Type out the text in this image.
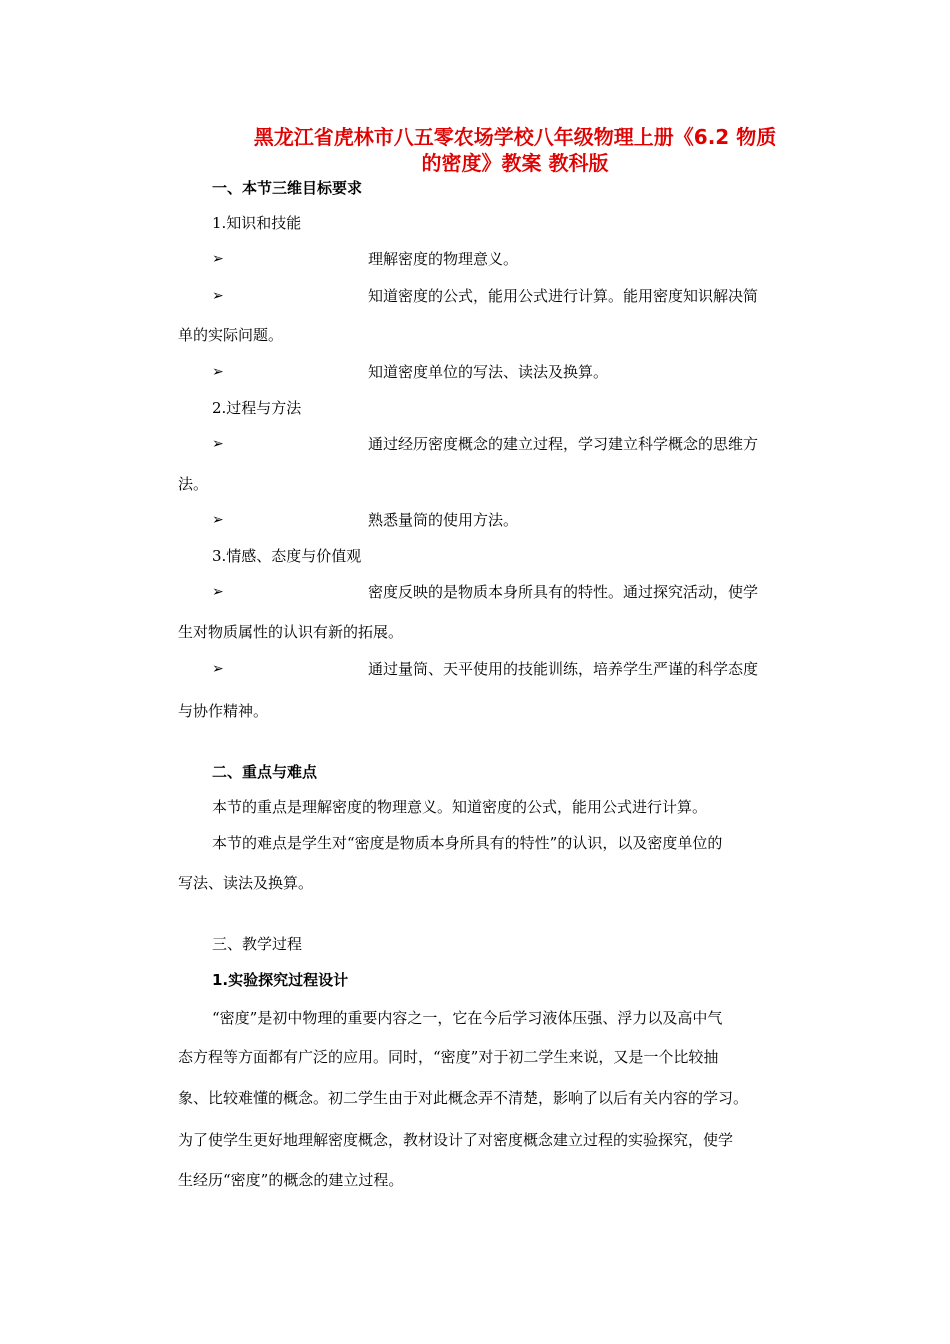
黑龙江省虎林市八五零农场学校八年级物理上册《6.2 物质
的密度》教案 教科版
一、本节三维目标要求
1.知识和技能
➢	理解密度的物理意义。
➢	知道密度的公式，能用公式进行计算。能用密度知识解决简
单的实际问题。
➢	知道密度单位的写法、读法及换算。
2.过程与方法
➢	通过经历密度概念的建立过程，学习建立科学概念的思维方
法。
➢	熟悉量筒的使用方法。
3.情感、态度与价值观
➢	密度反映的是物质本身所具有的特性。通过探究活动，使学
生对物质属性的认识有新的拓展。
➢	通过量筒、天平使用的技能训练，培养学生严谨的科学态度
与协作精神。
二、重点与难点
本节的重点是理解密度的物理意义。知道密度的公式，能用公式进行计算。
本节的难点是学生对“密度是物质本身所具有的特性”的认识，以及密度单位的
写法、读法及换算。
三、教学过程
1.实验探究过程设计
“密度”是初中物理的重要内容之一，它在今后学习液体压强、浮力以及高中气
态方程等方面都有广泛的应用。同时，“密度”对于初二学生来说，又是一个比较抽
象、比较难懂的概念。初二学生由于对此概念弄不清楚，影响了以后有关内容的学习。
为了使学生更好地理解密度概念，教材设计了对密度概念建立过程的实验探究，使学
生经历“密度”的概念的建立过程。
